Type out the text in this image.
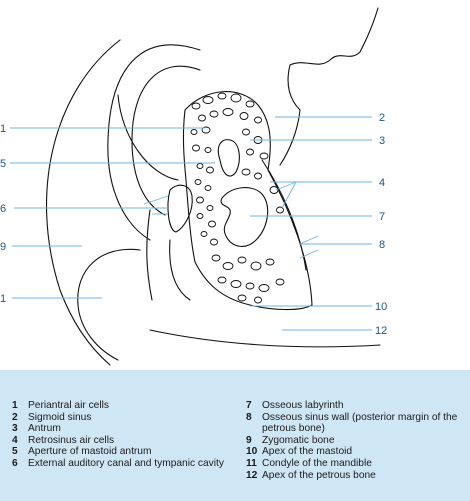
1
2
3
4
5
6
7
8
9
10
1
12
1	Periantral air cells
2	Sigmoid sinus
3	Antrum
4	Retrosinus air cells
5	Aperture of mastoid antrum
6	External auditory canal and tympanic cavity
7	Osseous labyrinth
8	Osseous sinus wall (posterior margin of the petrous bone)
9	Zygomatic bone
10 Apex of the mastoid
11 Condyle of the mandible
12 Apex of the petrous bone
